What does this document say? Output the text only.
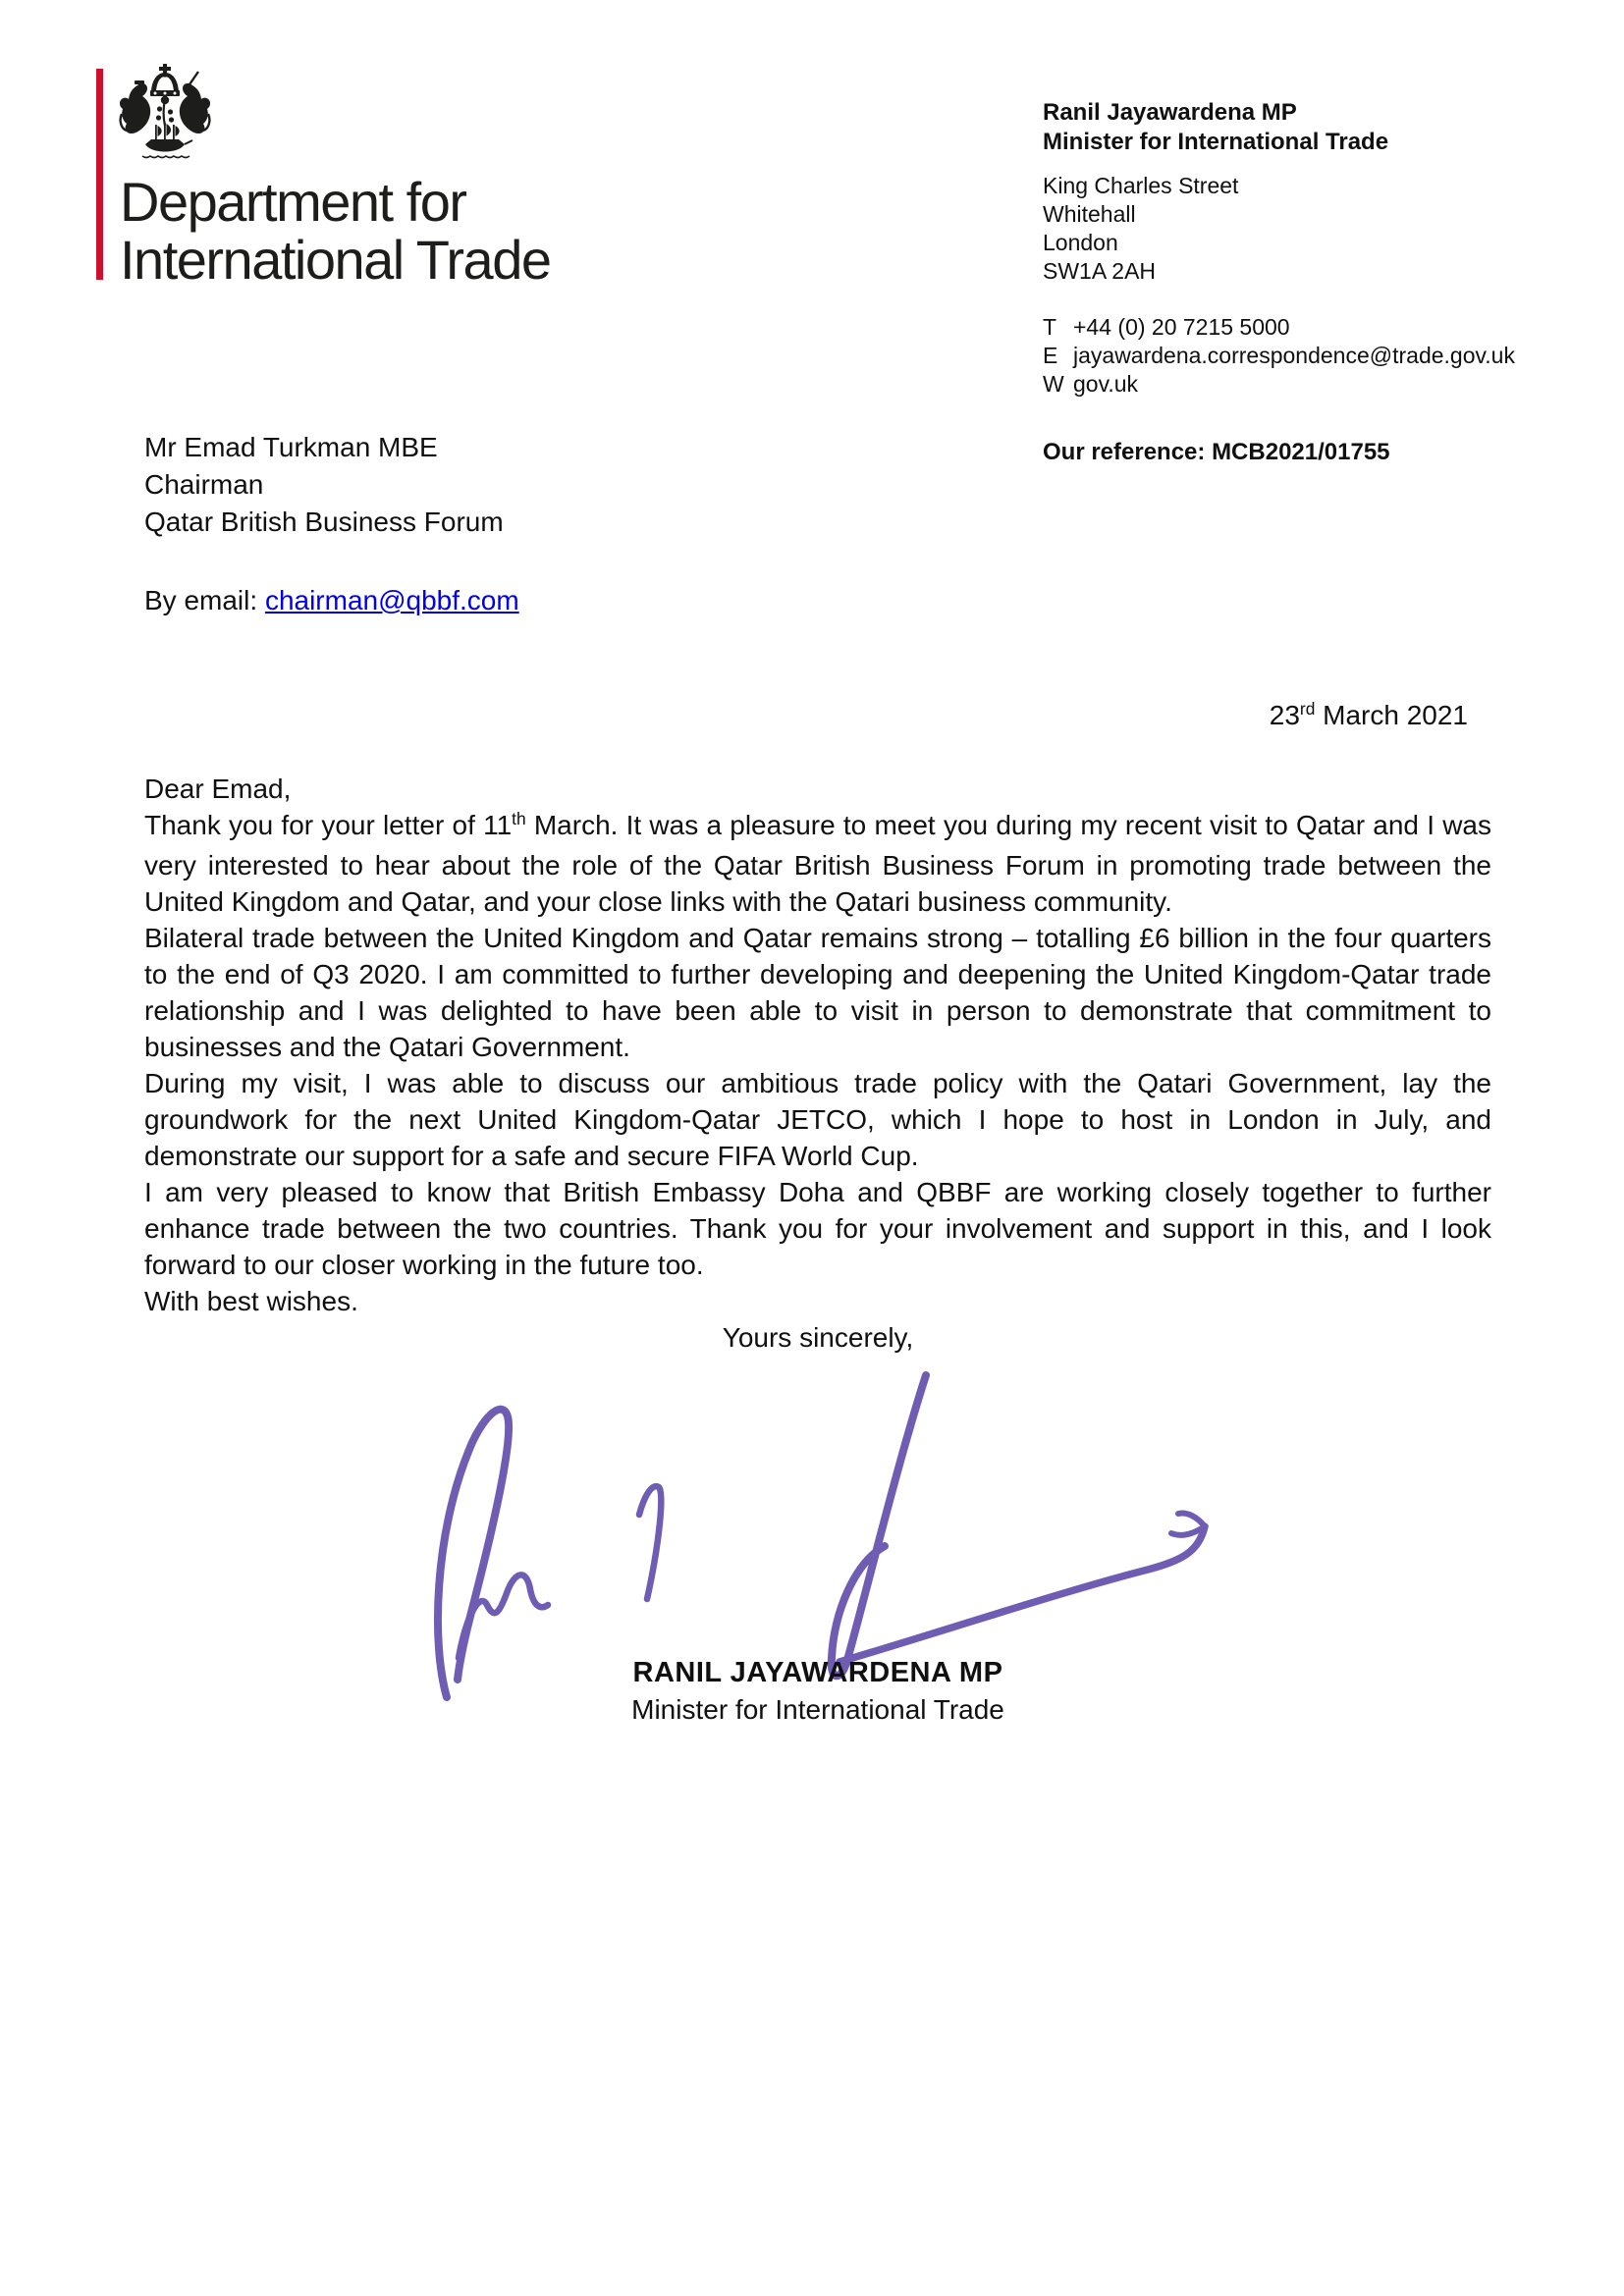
Department for
International Trade
Ranil Jayawardena MP
Minister for International Trade
King Charles Street
Whitehall
London
SW1A 2AH
T +44 (0) 20 7215 5000
E jayawardena.correspondence@trade.gov.uk
W gov.uk
Our reference: MCB2021/01755
Mr Emad Turkman MBE
Chairman
Qatar British Business Forum
By email: chairman@qbbf.com
23rd March 2021

Dear Emad,

Thank you for your letter of 11th March. It was a pleasure to meet you during my recent visit to Qatar and I was very interested to hear about the role of the Qatar British Business Forum in promoting trade between the United Kingdom and Qatar, and your close links with the Qatari business community.

Bilateral trade between the United Kingdom and Qatar remains strong – totalling £6 billion in the four quarters to the end of Q3 2020. I am committed to further developing and deepening the United Kingdom-Qatar trade relationship and I was delighted to have been able to visit in person to demonstrate that commitment to businesses and the Qatari Government.

During my visit, I was able to discuss our ambitious trade policy with the Qatari Government, lay the groundwork for the next United Kingdom-Qatar JETCO, which I hope to host in London in July, and demonstrate our support for a safe and secure FIFA World Cup.

I am very pleased to know that British Embassy Doha and QBBF are working closely together to further enhance trade between the two countries. Thank you for your involvement and support in this, and I look forward to our closer working in the future too.

With best wishes.

Yours sincerely,

RANIL JAYAWARDENA MP
Minister for International Trade
